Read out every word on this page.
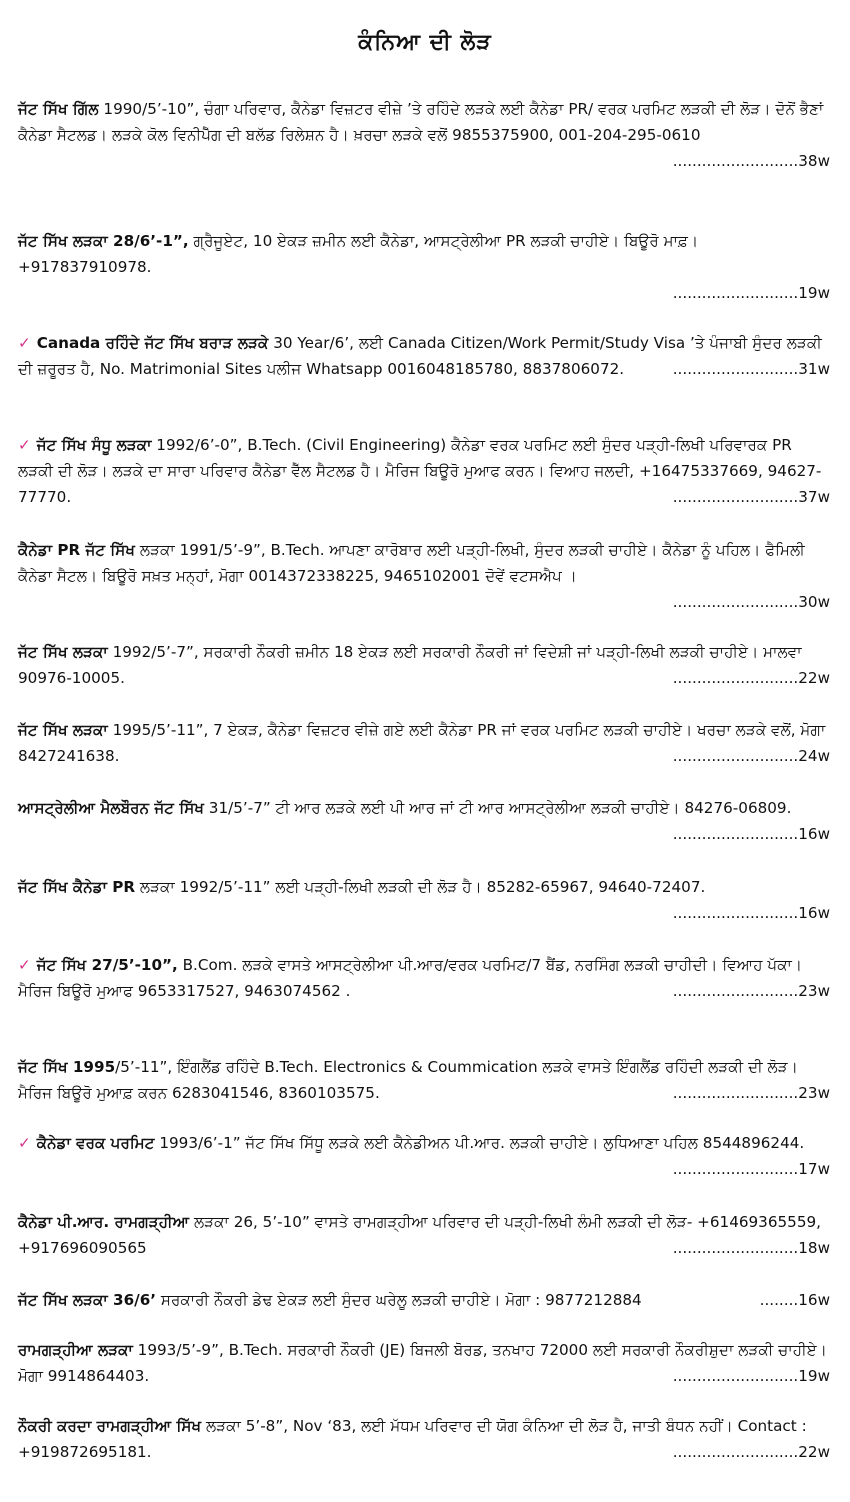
ਕੰਨਿਆ ਦੀ ਲੋੜ
ਜੱਟ ਸਿੱਖ ਗਿੱਲ 1990/5’-10”, ਚੰਗਾ ਪਰਿਵਾਰ, ਕੈਨੇਡਾ ਵਿਜ਼ਟਰ ਵੀਜ਼ੇ ’ਤੇ ਰਹਿੰਦੇ ਲੜਕੇ ਲਈ ਕੈਨੇਡਾ PR/ ਵਰਕ ਪਰਮਿਟ ਲੜਕੀ ਦੀ ਲੋੜ। ਦੋਨੋਂ ਭੈਣਾਂ ਕੈਨੇਡਾ ਸੈਟਲਡ। ਲੜਕੇ ਕੋਲ ਵਿਨੀਪੈੱਗ ਦੀ ਬਲੱਡ ਰਿਲੇਸ਼ਨ ਹੈ। ਖ਼ਰਚਾ ਲੜਕੇ ਵਲੋਂ 9855375900, 001-204-295-0610
..........................38w
ਜੱਟ ਸਿੱਖ ਲੜਕਾ 28/6’-1”, ਗ੍ਰੈਜੂਏਟ, 10 ਏਕੜ ਜ਼ਮੀਨ ਲਈ ਕੈਨੇਡਾ, ਆਸਟ੍ਰੇਲੀਆ PR ਲੜਕੀ ਚਾਹੀਏ। ਬਿਊਰੋ ਮਾਫ਼। +917837910978.
..........................19w
✓ Canada ਰਹਿੰਦੇ ਜੱਟ ਸਿੱਖ ਬਰਾੜ ਲੜਕੇ 30 Year/6’, ਲਈ Canada Citizen/Work Permit/Study Visa ’ਤੇ ਪੰਜਾਬੀ ਸੁੰਦਰ ਲੜਕੀ ਦੀ ਜ਼ਰੂਰਤ ਹੈ, No. Matrimonial Sites ਪਲੀਜ Whatsapp 0016048185780, 8837806072.	..........................31w
✓ ਜੱਟ ਸਿੱਖ ਸੰਧੂ ਲੜਕਾ 1992/6’-0”, B.Tech. (Civil Engineering) ਕੈਨੇਡਾ ਵਰਕ ਪਰਮਿਟ ਲਈ ਸੁੰਦਰ ਪੜ੍ਹੀ-ਲਿਖੀ ਪਰਿਵਾਰਕ PR ਲੜਕੀ ਦੀ ਲੋੜ। ਲੜਕੇ ਦਾ ਸਾਰਾ ਪਰਿਵਾਰ ਕੈਨੇਡਾ ਵੈੱਲ ਸੈਟਲਡ ਹੈ। ਮੈਰਿਜ ਬਿਊਰੋ ਮੁਆਫ ਕਰਨ। ਵਿਆਹ ਜਲਦੀ, +16475337669, 94627-77770.	..........................37w
ਕੈਨੇਡਾ PR ਜੱਟ ਸਿੱਖ ਲੜਕਾ 1991/5’-9”, B.Tech. ਆਪਣਾ ਕਾਰੋਬਾਰ ਲਈ ਪੜ੍ਹੀ-ਲਿਖੀ, ਸੁੰਦਰ ਲੜਕੀ ਚਾਹੀਏ। ਕੈਨੇਡਾ ਨੂੰ ਪਹਿਲ। ਫੈਮਿਲੀ ਕੈਨੇਡਾ ਸੈਟਲ। ਬਿਊਰੋ ਸਖ਼ਤ ਮਨ੍ਹਾਂ, ਮੋਗਾ 0014372338225, 9465102001 ਦੋਵੇਂ ਵਟਸਐਪ ।
..........................30w
ਜੱਟ ਸਿੱਖ ਲੜਕਾ 1992/5’-7”, ਸਰਕਾਰੀ ਨੌਕਰੀ ਜ਼ਮੀਨ 18 ਏਕੜ ਲਈ ਸਰਕਾਰੀ ਨੌਕਰੀ ਜਾਂ ਵਿਦੇਸ਼ੀ ਜਾਂ ਪੜ੍ਹੀ-ਲਿਖੀ ਲੜਕੀ ਚਾਹੀਏ। ਮਾਲਵਾ 90976-10005.	..........................22w
ਜੱਟ ਸਿੱਖ ਲੜਕਾ 1995/5’-11”, 7 ਏਕੜ, ਕੈਨੇਡਾ ਵਿਜ਼ਟਰ ਵੀਜ਼ੇ ਗਏ ਲਈ ਕੈਨੇਡਾ PR ਜਾਂ ਵਰਕ ਪਰਮਿਟ ਲੜਕੀ ਚਾਹੀਏ। ਖਰਚਾ ਲੜਕੇ ਵਲੋਂ, ਮੋਗਾ 8427241638.	..........................24w
ਆਸਟ੍ਰੇਲੀਆ ਮੈਲਬੌਰਨ ਜੱਟ ਸਿੱਖ 31/5’-7” ਟੀ ਆਰ ਲੜਕੇ ਲਈ ਪੀ ਆਰ ਜਾਂ ਟੀ ਆਰ ਆਸਟ੍ਰੇਲੀਆ ਲੜਕੀ ਚਾਹੀਏ। 84276-06809.
..........................16w
ਜੱਟ ਸਿੱਖ ਕੈਨੇਡਾ PR ਲੜਕਾ 1992/5’-11” ਲਈ ਪੜ੍ਹੀ-ਲਿਖੀ ਲੜਕੀ ਦੀ ਲੋੜ ਹੈ। 85282-65967, 94640-72407.
..........................16w
✓ ਜੱਟ ਸਿੱਖ 27/5’-10”, B.Com. ਲੜਕੇ ਵਾਸਤੇ ਆਸਟ੍ਰੇਲੀਆ ਪੀ.ਆਰ/ਵਰਕ ਪਰਮਿਟ/7 ਬੈਂਡ, ਨਰਸਿੰਗ ਲੜਕੀ ਚਾਹੀਦੀ। ਵਿਆਹ ਪੱਕਾ। ਮੈਰਿਜ ਬਿਊਰੋ ਮੁਆਫ 9653317527, 9463074562 .	..........................23w
ਜੱਟ ਸਿੱਖ 1995/5’-11”, ਇੰਗਲੈਂਡ ਰਹਿੰਦੇ B.Tech. Electronics & Coummication ਲੜਕੇ ਵਾਸਤੇ ਇੰਗਲੈਂਡ ਰਹਿੰਦੀ ਲੜਕੀ ਦੀ ਲੋੜ। ਮੈਰਿਜ ਬਿਊਰੋ ਮੁਆਫ਼ ਕਰਨ 6283041546, 8360103575.	..........................23w
✓ ਕੈਨੇਡਾ ਵਰਕ ਪਰਮਿਟ 1993/6’-1” ਜੱਟ ਸਿੱਖ ਸਿੱਧੂ ਲੜਕੇ ਲਈ ਕੈਨੇਡੀਅਨ ਪੀ.ਆਰ. ਲੜਕੀ ਚਾਹੀਏ। ਲੁਧਿਆਣਾ ਪਹਿਲ 8544896244.
..........................17w
ਕੈਨੇਡਾ ਪੀ.ਆਰ. ਰਾਮਗੜ੍ਹੀਆ ਲੜਕਾ 26, 5’-10” ਵਾਸਤੇ ਰਾਮਗੜ੍ਹੀਆ ਪਰਿਵਾਰ ਦੀ ਪੜ੍ਹੀ-ਲਿਖੀ ਲੰਮੀ ਲੜਕੀ ਦੀ ਲੋੜ- +61469365559, +917696090565	..........................18w
ਜੱਟ ਸਿੱਖ ਲੜਕਾ 36/6’ ਸਰਕਾਰੀ ਨੌਕਰੀ ਡੇਢ ਏਕੜ ਲਈ ਸੁੰਦਰ ਘਰੇਲੂ ਲੜਕੀ ਚਾਹੀਏ। ਮੋਗਾ : 9877212884	........16w
ਰਾਮਗੜ੍ਹੀਆ ਲੜਕਾ 1993/5’-9”, B.Tech. ਸਰਕਾਰੀ ਨੌਕਰੀ (JE) ਬਿਜਲੀ ਬੋਰਡ, ਤਨਖਾਹ 72000 ਲਈ ਸਰਕਾਰੀ ਨੌਕਰੀਸ਼ੁਦਾ ਲੜਕੀ ਚਾਹੀਏ। ਮੋਗਾ 9914864403.	..........................19w
ਨੌਕਰੀ ਕਰਦਾ ਰਾਮਗੜ੍ਹੀਆ ਸਿੱਖ ਲੜਕਾ 5’-8”, Nov ‘83, ਲਈ ਮੱਧਮ ਪਰਿਵਾਰ ਦੀ ਯੋਗ ਕੰਨਿਆ ਦੀ ਲੋੜ ਹੈ, ਜਾਤੀ ਬੰਧਨ ਨਹੀਂ। Contact : +919872695181.	..........................22w
